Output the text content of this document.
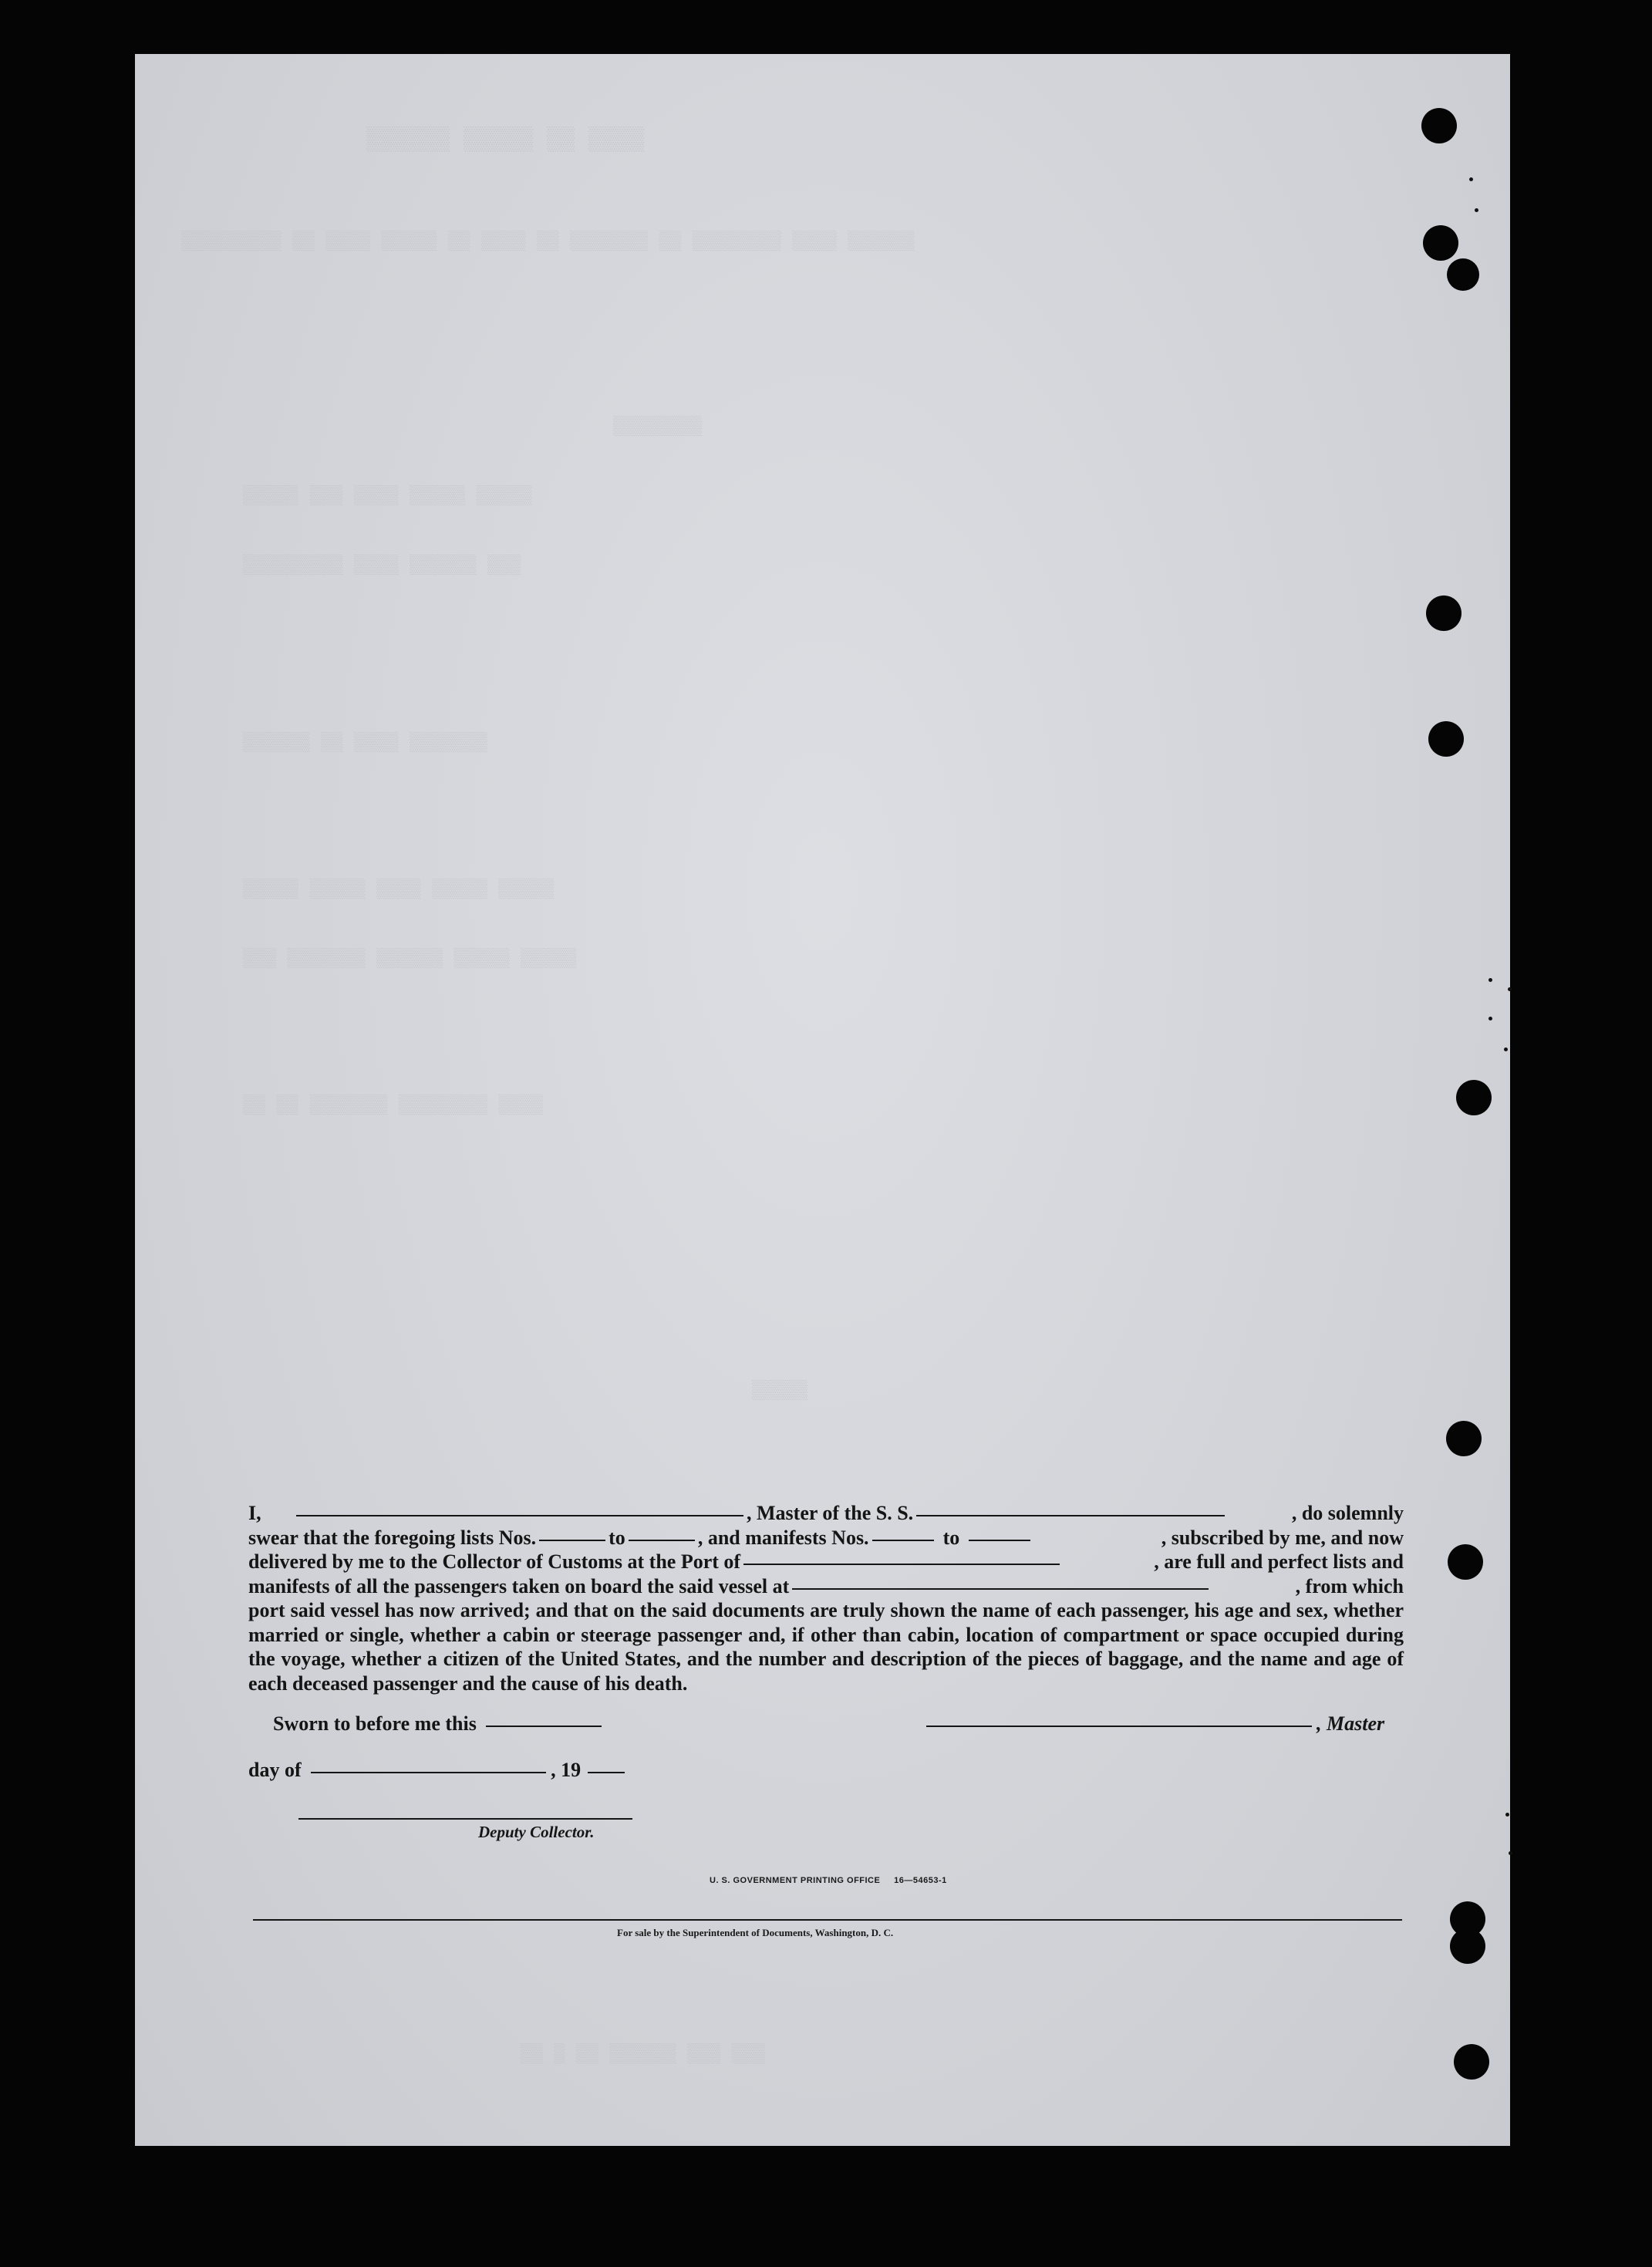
▒▒▒▒ ▒▒ ▒▒▒▒▒ ▒▒▒▒▒▒
▒▒▒▒▒▒ ▒▒▒▒ ▒▒▒▒▒▒▒▒ ▒▒ ▒▒▒▒▒▒▒ ▒▒ ▒▒▒▒ ▒▒ ▒▒▒▒▒ ▒▒▒▒ ▒▒ ▒▒▒▒▒▒▒▒▒
▒▒▒▒▒▒▒▒
▒▒▒▒▒ ▒▒▒▒▒ ▒▒▒▒ ▒▒▒ ▒▒▒▒▒
▒▒▒ ▒▒▒▒▒▒ ▒▒▒▒ ▒▒▒▒▒▒▒▒▒
▒▒▒▒▒▒▒ ▒▒▒▒ ▒▒ ▒▒▒▒▒▒
▒▒▒▒▒ ▒▒▒▒▒ ▒▒▒▒ ▒▒▒▒▒ ▒▒▒▒▒
▒▒▒▒▒ ▒▒▒▒▒ ▒▒▒▒▒▒ ▒▒▒▒▒▒▒ ▒▒▒
▒▒▒▒ ▒▒▒▒▒▒▒▒ ▒▒▒▒▒▒▒ ▒▒ ▒▒
▒▒▒▒▒
▒▒▒ ▒▒▒ ▒▒▒▒▒▒ ▒▒ ▒ ▒▒
I,	, Master of the S. S.	, do solemnly
swear that the foregoing lists Nos.	to	, and manifests Nos.	to	, subscribed by me, and now
delivered by me to the Collector of Customs at the Port of	, are full and perfect lists and
manifests of all the passengers taken on board the said vessel at	, from which

port said vessel has now arrived; and that on the said documents are truly shown the name of each passenger, his age and sex, whether married or single, whether a cabin or steerage passenger and, if other than cabin, location of compartment or space occupied during the voyage, whether a citizen of the United States, and the number and description of the pieces of baggage, and the name and age of each deceased passenger and the cause of his death.

Sworn to before me this	, Master
day of	, 19
Deputy Collector.
U. S. GOVERNMENT PRINTING OFFICE     16—54653-1
For sale by the Superintendent of Documents, Washington, D. C.
